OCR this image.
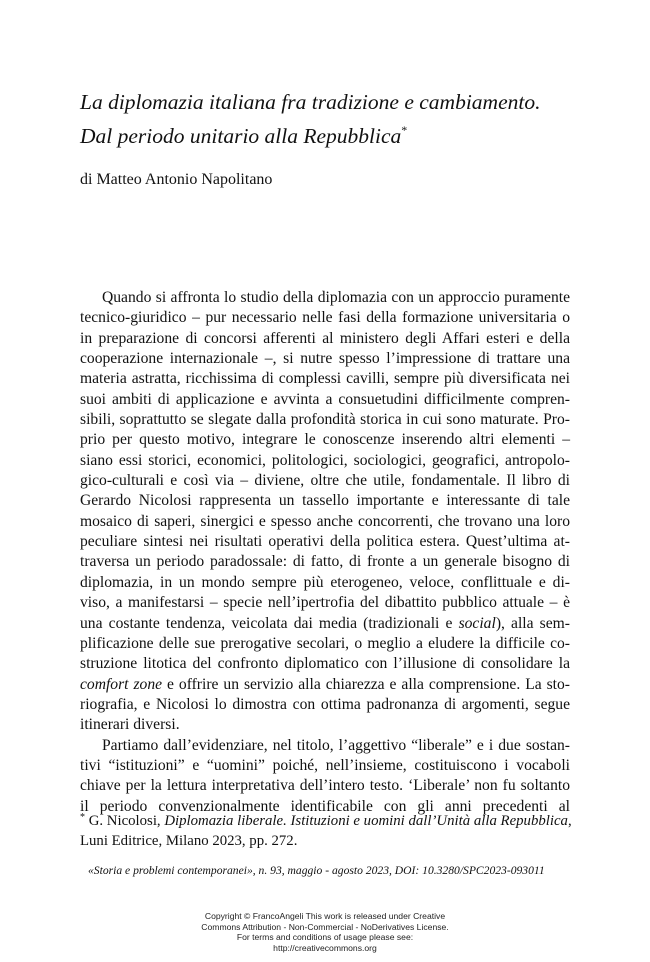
La diplomazia italiana fra tradizione e cambiamento.
Dal periodo unitario alla Repubblica*
di Matteo Antonio Napolitano
Quando si affronta lo studio della diplomazia con un approccio puramente
tecnico-giuridico – pur necessario nelle fasi della formazione universitaria o
in preparazione di concorsi afferenti al ministero degli Affari esteri e della
cooperazione internazionale –, si nutre spesso l’impressione di trattare una
materia astratta, ricchissima di complessi cavilli, sempre più diversificata nei
suoi ambiti di applicazione e avvinta a consuetudini difficilmente compren-
sibili, soprattutto se slegate dalla profondità storica in cui sono maturate. Pro-
prio per questo motivo, integrare le conoscenze inserendo altri elementi –
siano essi storici, economici, politologici, sociologici, geografici, antropolo-
gico-culturali e così via – diviene, oltre che utile, fondamentale. Il libro di
Gerardo Nicolosi rappresenta un tassello importante e interessante di tale
mosaico di saperi, sinergici e spesso anche concorrenti, che trovano una loro
peculiare sintesi nei risultati operativi della politica estera. Quest’ultima at-
traversa un periodo paradossale: di fatto, di fronte a un generale bisogno di
diplomazia, in un mondo sempre più eterogeneo, veloce, conflittuale e di-
viso, a manifestarsi – specie nell’ipertrofia del dibattito pubblico attuale – è
una costante tendenza, veicolata dai media (tradizionali e social), alla sem-
plificazione delle sue prerogative secolari, o meglio a eludere la difficile co-
struzione litotica del confronto diplomatico con l’illusione di consolidare la
comfort zone e offrire un servizio alla chiarezza e alla comprensione. La sto-
riografia, e Nicolosi lo dimostra con ottima padronanza di argomenti, segue
itinerari diversi.
Partiamo dall’evidenziare, nel titolo, l’aggettivo “liberale” e i due sostan-
tivi “istituzioni” e “uomini” poiché, nell’insieme, costituiscono i vocaboli
chiave per la lettura interpretativa dell’intero testo. ‘Liberale’ non fu soltanto
il periodo convenzionalmente identificabile con gli anni precedenti al
* G. Nicolosi, Diplomazia liberale. Istituzioni e uomini dall’Unità alla Repubblica,
Luni Editrice, Milano 2023, pp. 272.
«Storia e problemi contemporanei», n. 93, maggio - agosto 2023, DOI: 10.3280/SPC2023-093011
Copyright © FrancoAngeli This work is released under Creative
Commons Attribution - Non-Commercial - NoDerivatives License.
For terms and conditions of usage please see:
http://creativecommons.org
